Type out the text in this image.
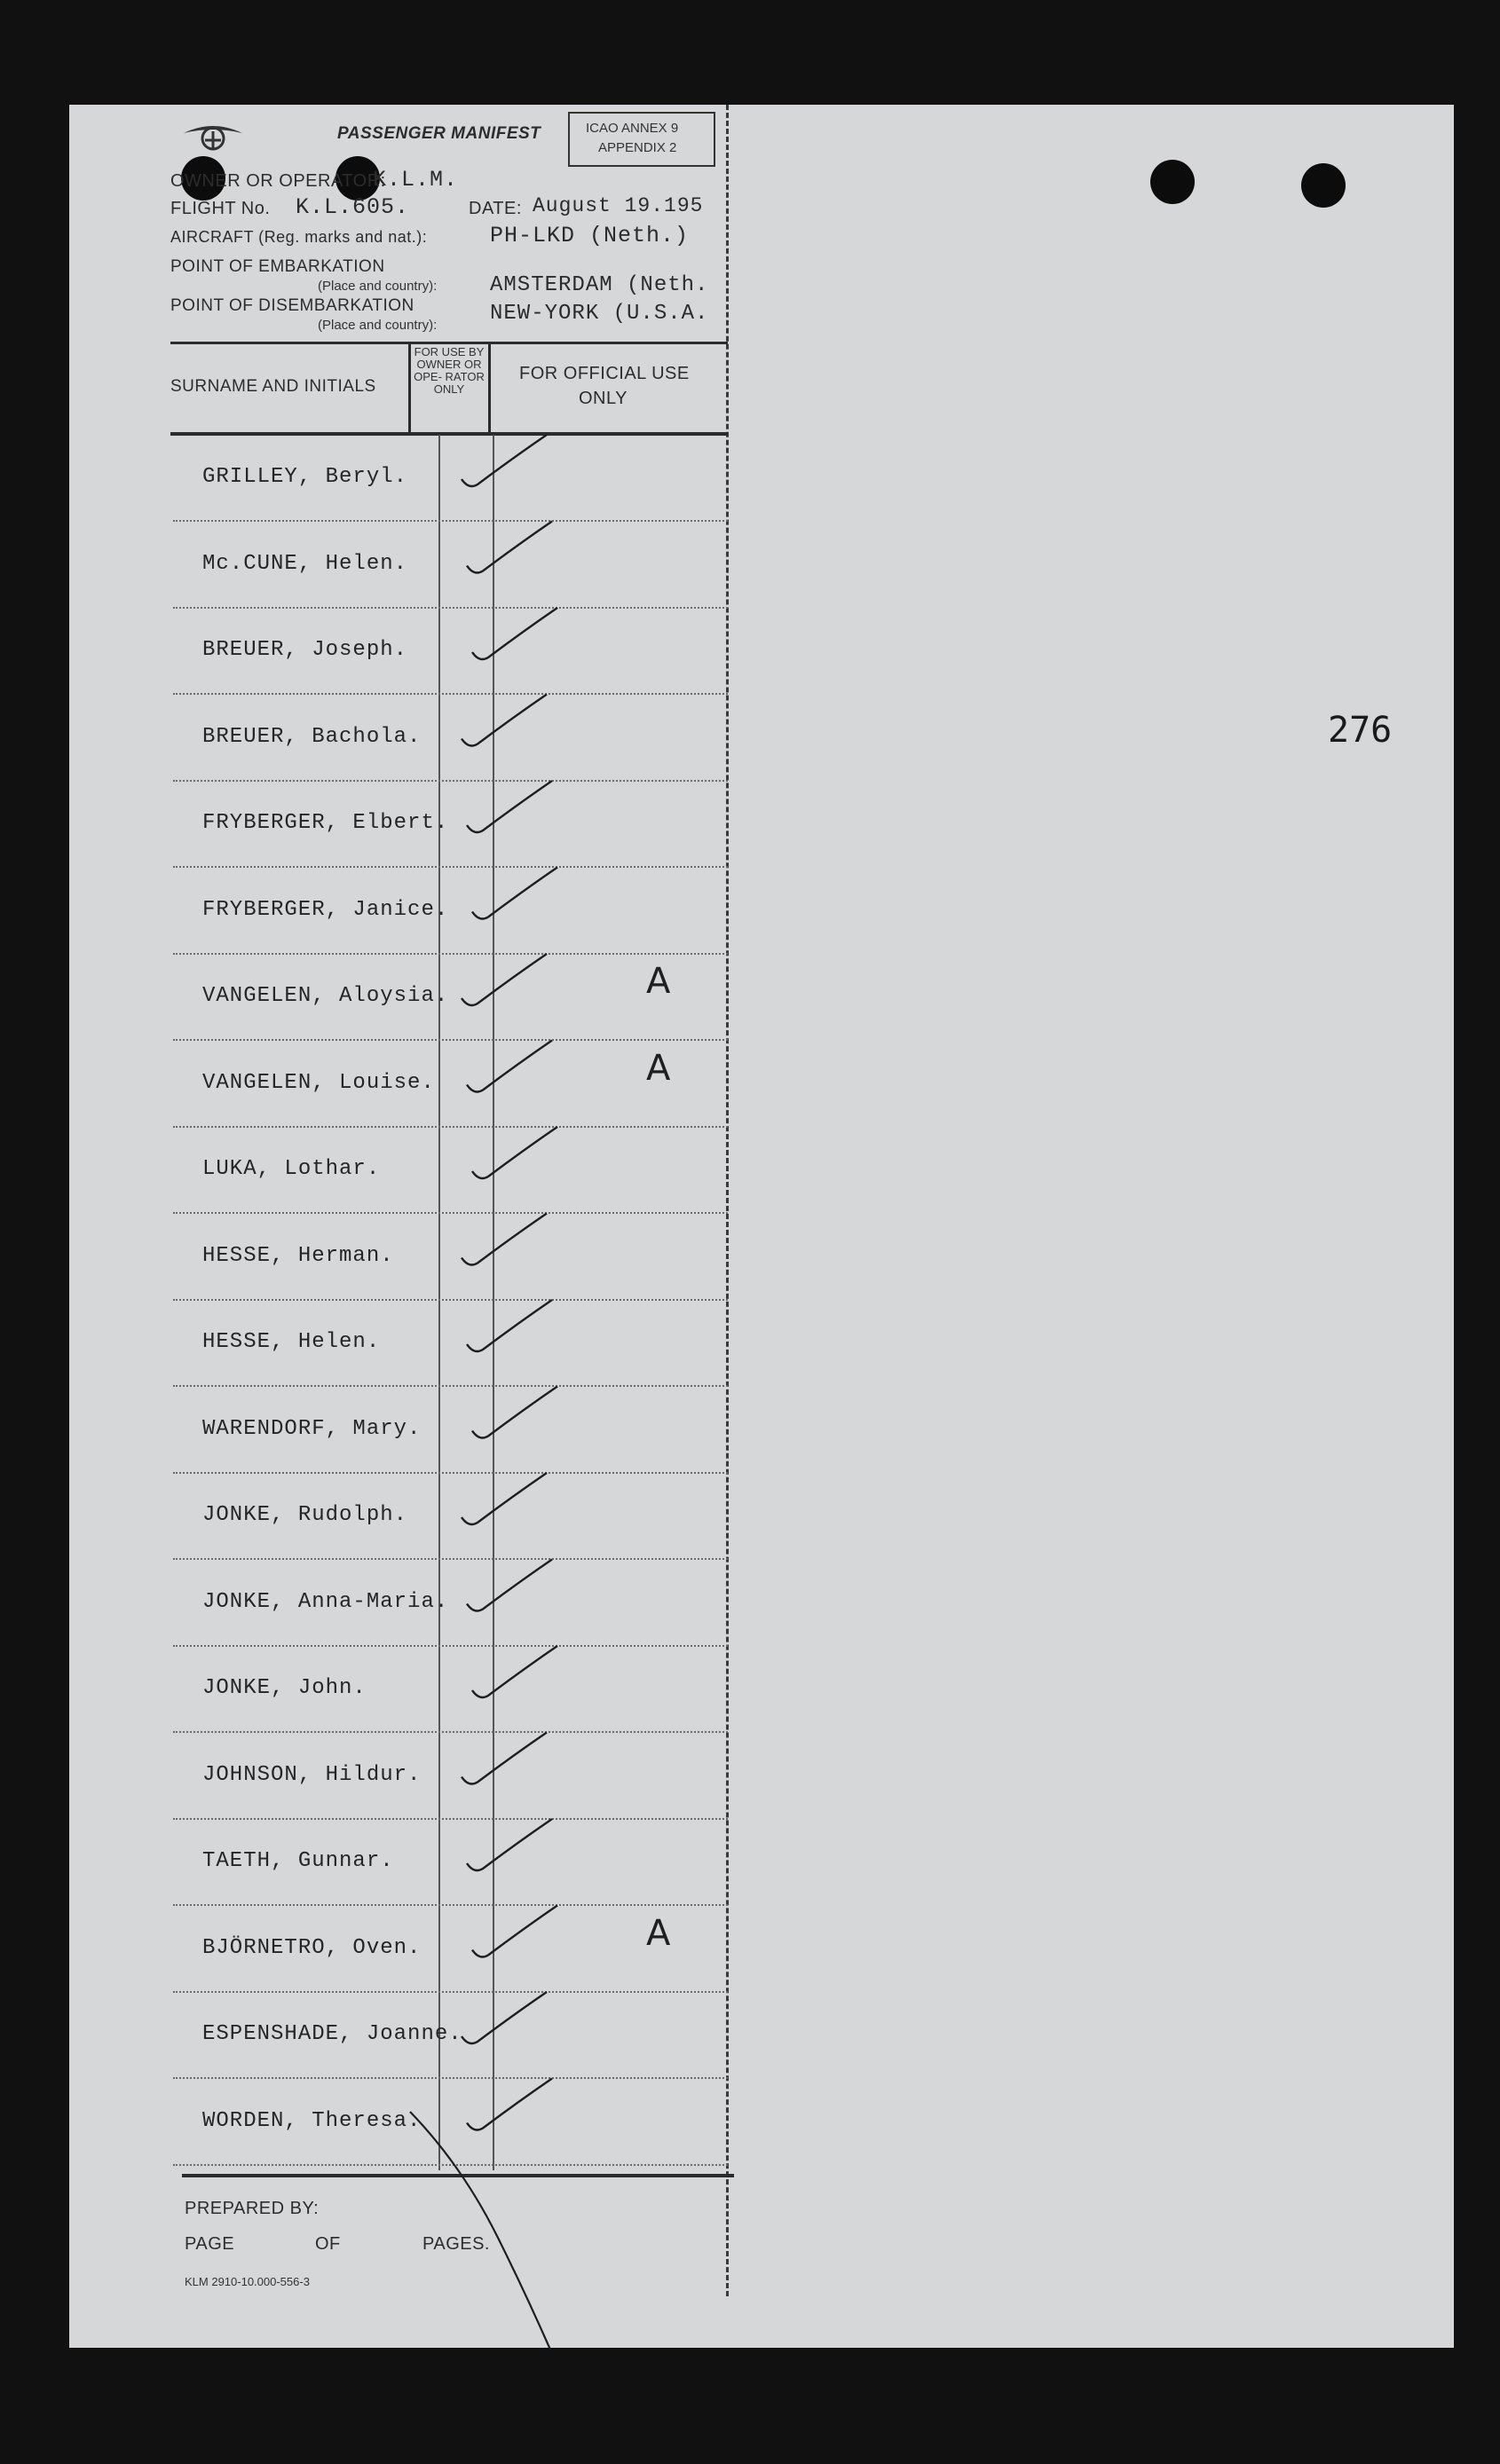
PASSENGER MANIFEST	ICAO ANNEX 9
APPENDIX 2
OWNER OR OPERATOR:
K.L.M.
FLIGHT No. K.L.605.	DATE: August 19.195
AIRCRAFT (Reg. marks and nat.):	PH-LKD (Neth.)
POINT OF EMBARKATION
(Place and country): AMSTERDAM (Neth.
POINT OF DISEMBARKATION
(Place and country): NEW-YORK (U.S.A.
SURNAME AND INITIALS
FOR USE BY OWNER OR OPE- RATOR ONLY
FOR OFFICIAL USE
ONLY
GRILLEY, Beryl.
Mc.CUNE, Helen.
BREUER, Joseph.
BREUER, Bachola.
FRYBERGER, Elbert.
FRYBERGER, Janice.
VANGELEN, Aloysia.	A
VANGELEN, Louise.	A
LUKA, Lothar.
HESSE, Herman.
HESSE, Helen.
WARENDORF, Mary.
JONKE, Rudolph.
JONKE, Anna-Maria.
JONKE, John.
JOHNSON, Hildur.
TAETH, Gunnar.
BJÖRNETRO, Oven.	A
ESPENSHADE, Joanne.
WORDEN, Theresa.
PREPARED BY:
PAGE	OF	PAGES.
KLM 2910-10.000-556-3
276
